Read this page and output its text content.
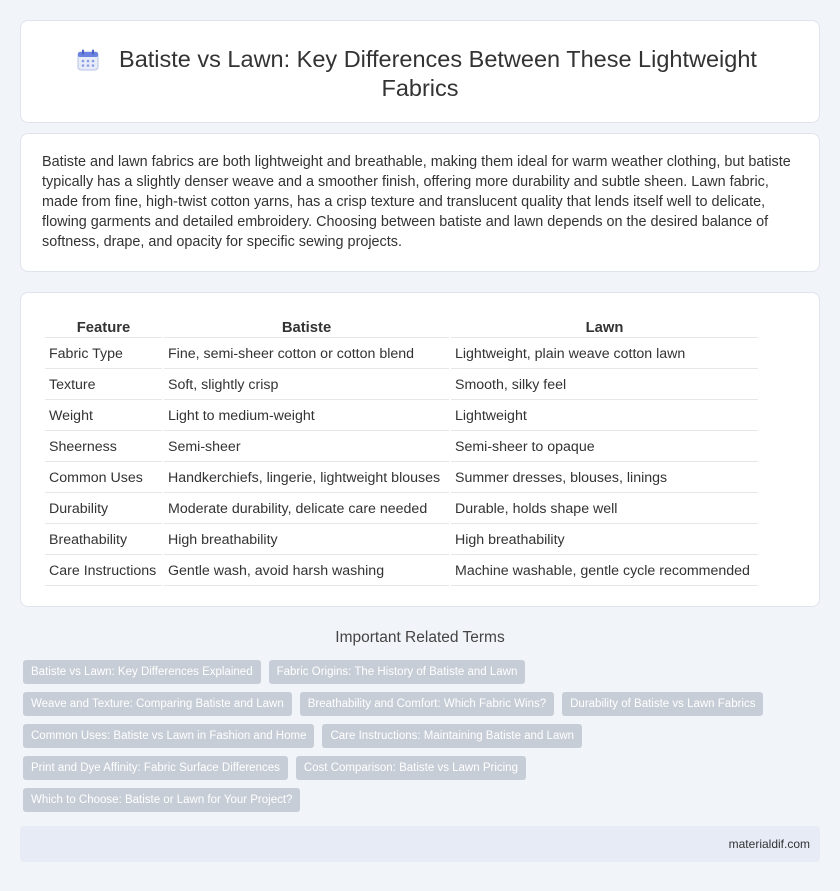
Batiste vs Lawn: Key Differences Between These Lightweight
Fabrics

Batiste and lawn fabrics are both lightweight and breathable, making them ideal for warm weather clothing, but batiste typically has a slightly denser weave and a smoother finish, offering more durability and subtle sheen. Lawn fabric, made from fine, high-twist cotton yarns, has a crisp texture and translucent quality that lends itself well to delicate, flowing garments and detailed embroidery. Choosing between batiste and lawn depends on the desired balance of softness, drape, and opacity for specific sewing projects.

Feature	Batiste	Lawn
Fabric Type	Fine, semi-sheer cotton or cotton blend	Lightweight, plain weave cotton lawn
Texture	Soft, slightly crisp	Smooth, silky feel
Weight	Light to medium-weight	Lightweight
Sheerness	Semi-sheer	Semi-sheer to opaque
Common Uses	Handkerchiefs, lingerie, lightweight blouses	Summer dresses, blouses, linings
Durability	Moderate durability, delicate care needed	Durable, holds shape well
Breathability	High breathability	High breathability
Care Instructions	Gentle wash, avoid harsh washing	Machine washable, gentle cycle recommended
Important Related Terms
Batiste vs Lawn: Key Differences Explained	Fabric Origins: The History of Batiste and Lawn
Weave and Texture: Comparing Batiste and Lawn	Breathability and Comfort: Which Fabric Wins?	Durability of Batiste vs Lawn Fabrics
Common Uses: Batiste vs Lawn in Fashion and Home	Care Instructions: Maintaining Batiste and Lawn
Print and Dye Affinity: Fabric Surface Differences	Cost Comparison: Batiste vs Lawn Pricing
Which to Choose: Batiste or Lawn for Your Project?
materialdif.com
